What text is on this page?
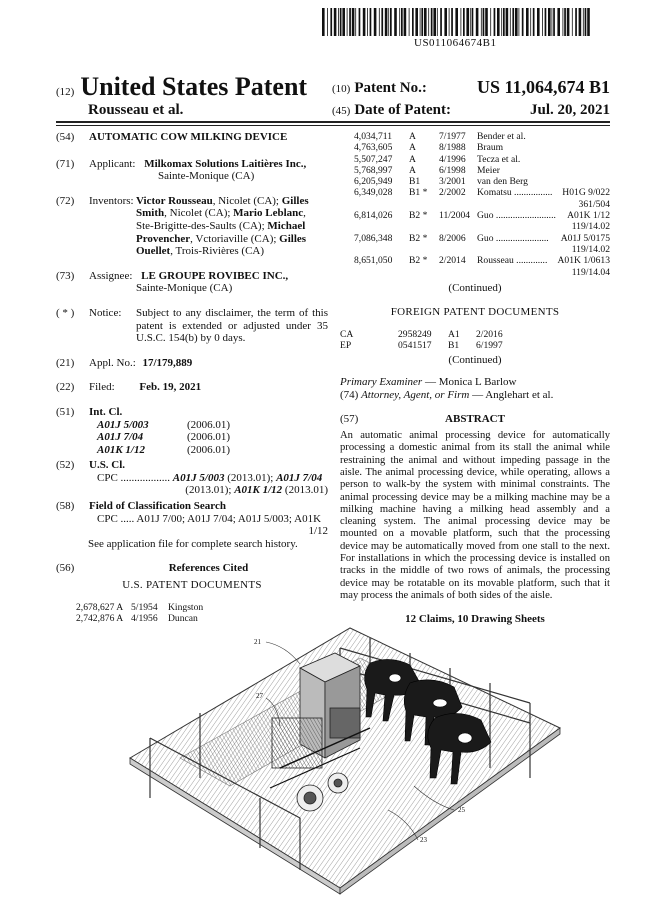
US011064674B1
(12) United States Patent
Rousseau et al.
(10) Patent No.:	US 11,064,674 B1
(45) Date of Patent:	Jul. 20, 2021
(54) AUTOMATIC COW MILKING DEVICE
(71) Applicant: Milkomax Solutions Laitières Inc.,
Sainte-Monique (CA)
(72) Inventors: Victor Rousseau, Nicolet (CA); Gilles
Smith, Nicolet (CA); Mario Leblanc,
Ste-Brigitte-des-Saults (CA); Michael
Provencher, Vctoriaville (CA); Gilles
Ouellet, Trois-Rivières (CA)
(73) Assignee: LE GROUPE ROVIBEC INC.,
Sainte-Monique (CA)
( * ) Notice:	Subject to any disclaimer, the term of this patent is extended or adjusted under 35 U.S.C. 154(b) by 0 days.
(21) Appl. No.: 17/179,889
(22) Filed: Feb. 19, 2021
(51) Int. Cl.
A01J 5/003	(2006.01)
A01J 7/04	(2006.01)
A01K 1/12	(2006.01)
(52) U.S. Cl.
CPC .................. A01J 5/003 (2013.01); A01J 7/04
(2013.01); A01K 1/12 (2013.01)
(58) Field of Classification Search
CPC ..... A01J 7/00; A01J 7/04; A01J 5/003; A01K
1/12
See application file for complete search history.
(56)	References Cited
U.S. PATENT DOCUMENTS
2,678,627 A 5/1954 Kingston
2,742,876 A 4/1956 Duncan
4,034,711 A 7/1977 Bender et al.
4,763,605 A 8/1988 Braum
5,507,247 A 4/1996 Tecza et al.
5,768,997 A 6/1998 Meier
6,205,949 B1 3/2001 van den Berg
6,349,028 B1 * 2/2002 Komatsu ................ H01G 9/022
361/504
6,814,026 B2 * 11/2004 Guo ......................... A01K 1/12
119/14.02
7,086,348 B2 * 8/2006 Guo ...................... A01J 5/0175
119/14.02
8,651,050 B2 * 2/2014 Rousseau ............. A01K 1/0613
119/14.04
(Continued)
FOREIGN PATENT DOCUMENTS
CA	2958249 A1 2/2016
EP	0541517 B1 6/1997
(Continued)
Primary Examiner — Monica L Barlow
(74) Attorney, Agent, or Firm — Anglehart et al.
(57)	ABSTRACT
An automatic animal processing device for automatically processing a domestic animal from its stall the animal while restraining the animal and without impeding passage in the aisle. The animal processing device, while operating, allows a person to walk-by the system with minimal constraints. The animal processing device may be a milking machine may be a milking machine having a milking head assembly and a cleaning system. The animal processing device may be mounted on a movable platform, such that the processing device may be automatically moved from one stall to the next. For installations in which the processing device is installed on tracks in the middle of two rows of animals, the processing device may be rotatable on its movable platform, such that it may process the animals of both sides of the aisle.
12 Claims, 10 Drawing Sheets
21
27
25
23
